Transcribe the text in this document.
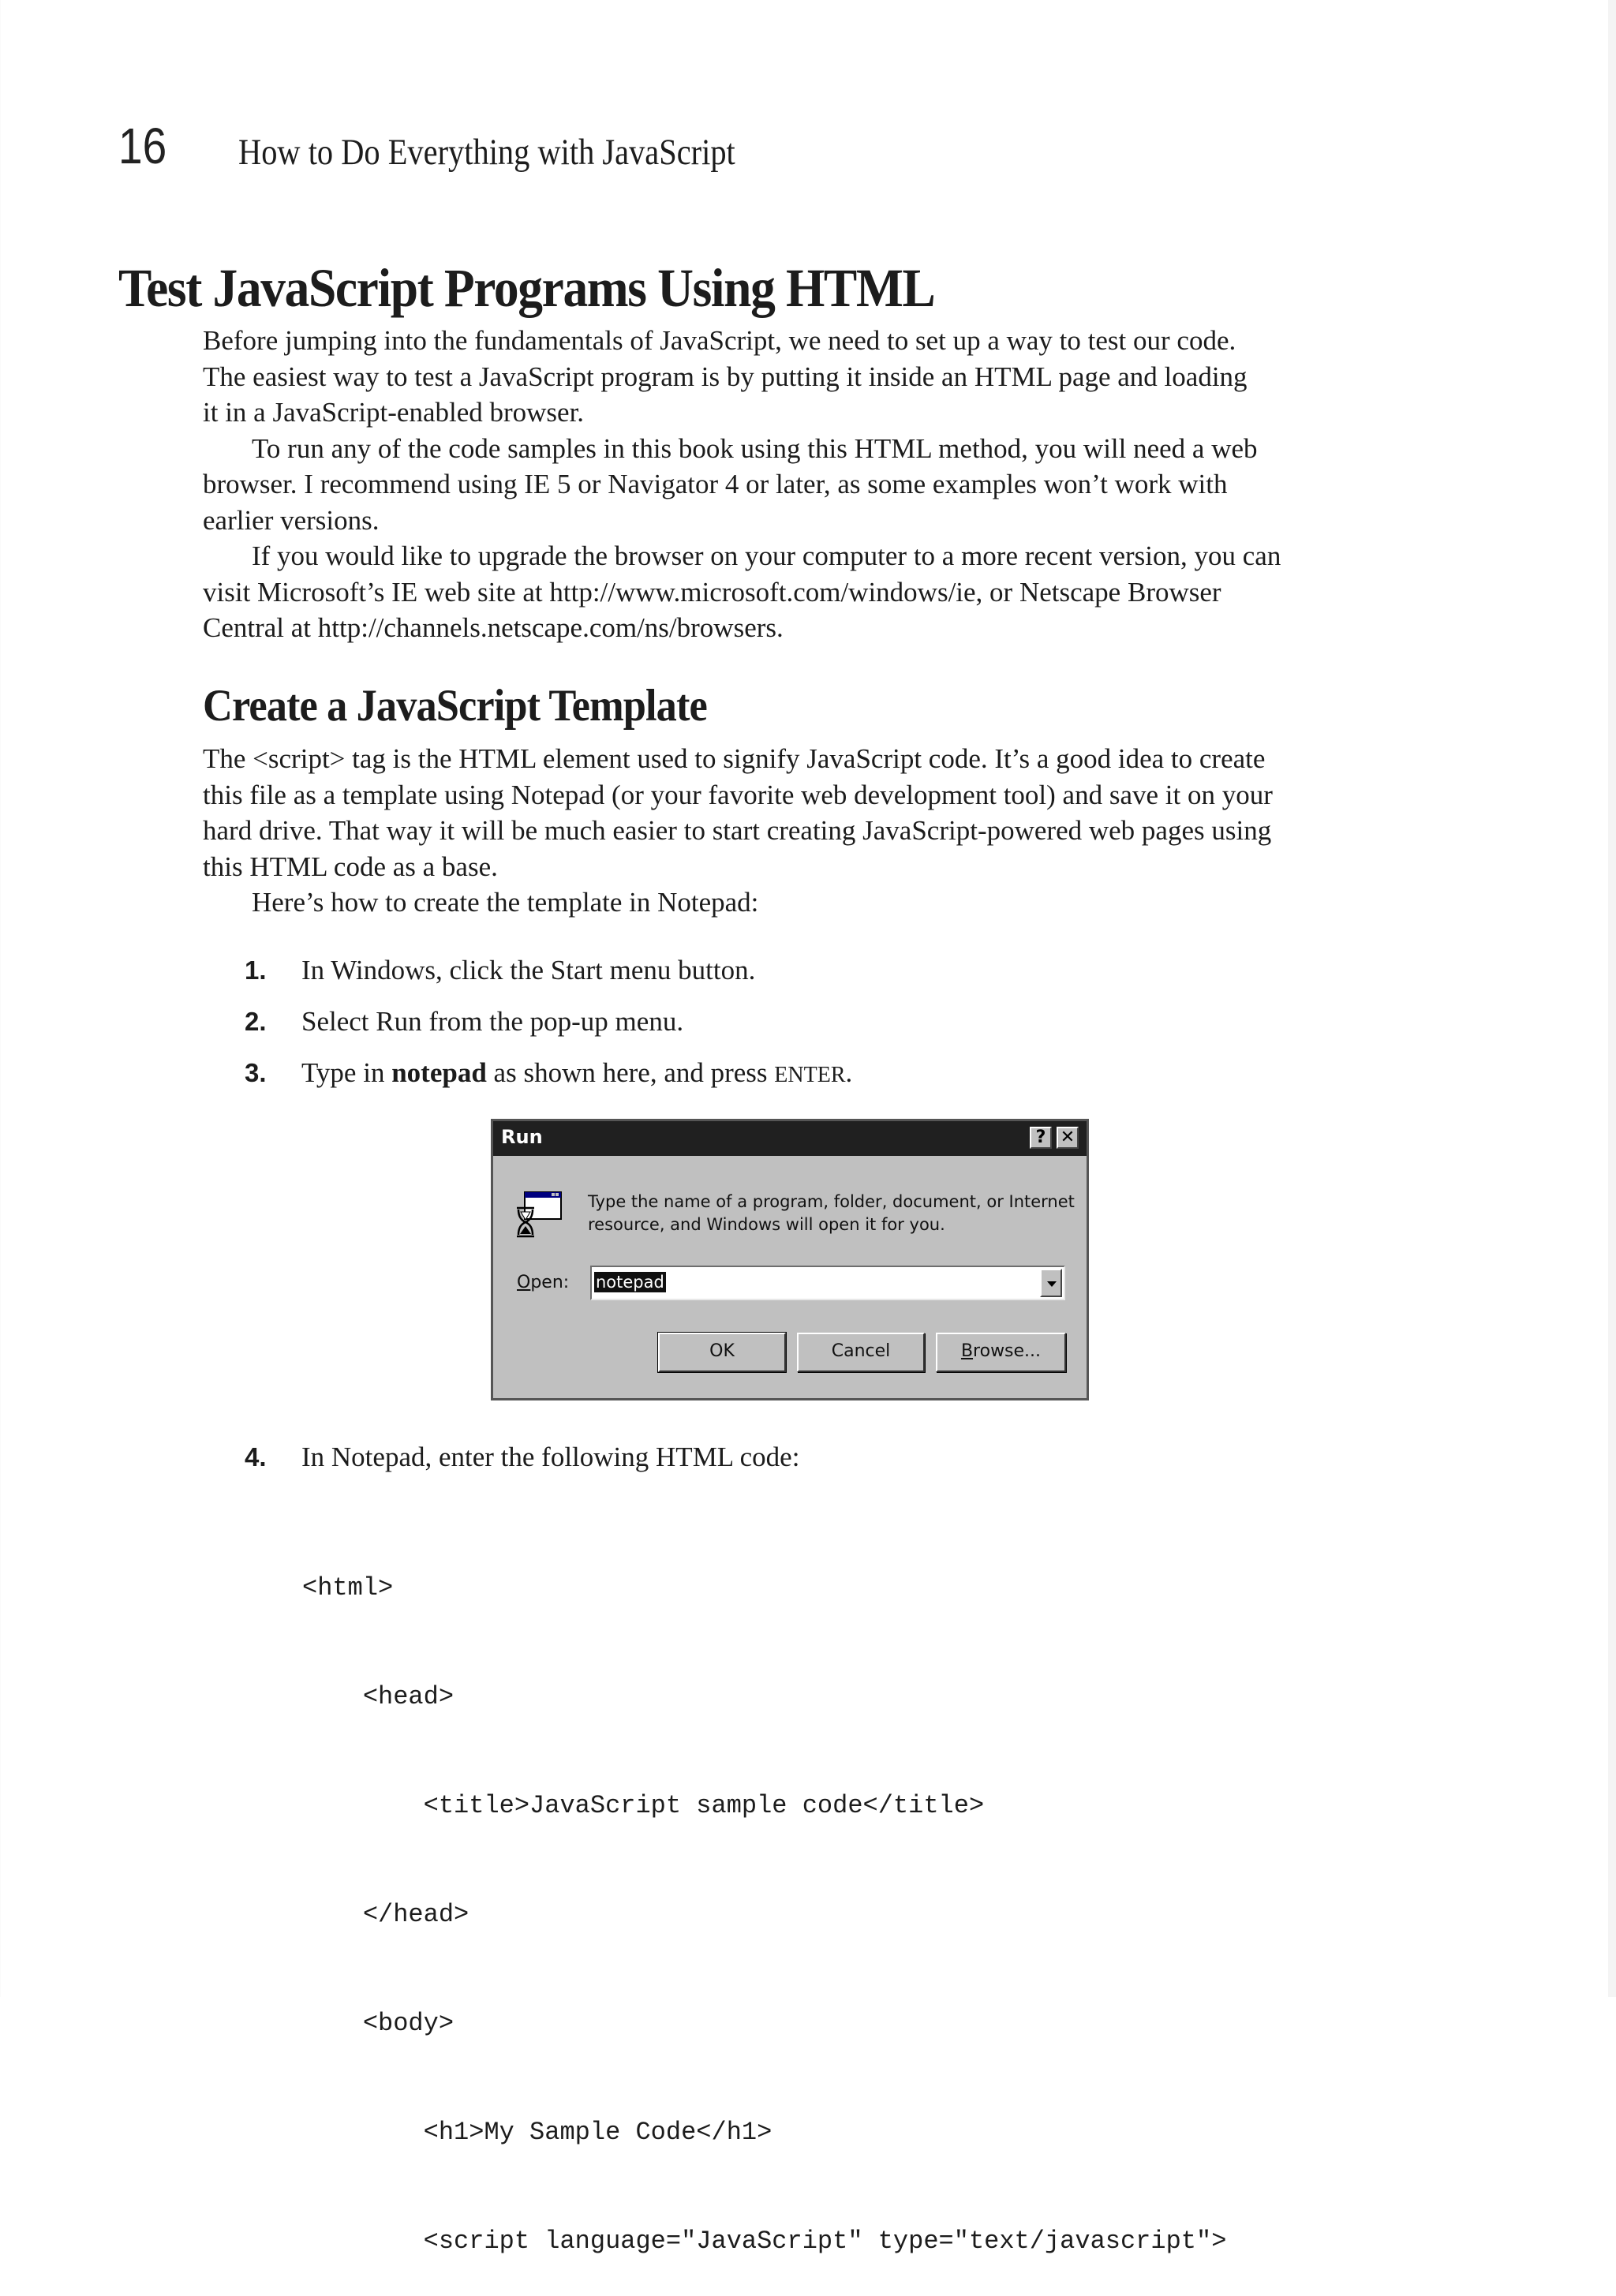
16 How to Do Everything with JavaScript
Test JavaScript Programs Using HTML
Before jumping into the fundamentals of JavaScript, we need to set up a way to test our code.
The easiest way to test a JavaScript program is by putting it inside an HTML page and loading
it in a JavaScript-enabled browser.
To run any of the code samples in this book using this HTML method, you will need a web
browser. I recommend using IE 5 or Navigator 4 or later, as some examples won’t work with
earlier versions.
If you would like to upgrade the browser on your computer to a more recent version, you can
visit Microsoft’s IE web site at http://www.microsoft.com/windows/ie, or Netscape Browser
Central at http://channels.netscape.com/ns/browsers.
Create a JavaScript Template
The <script> tag is the HTML element used to signify JavaScript code. It’s a good idea to create
this file as a template using Notepad (or your favorite web development tool) and save it on your
hard drive. That way it will be much easier to start creating JavaScript-powered web pages using
this HTML code as a base.
Here’s how to create the template in Notepad:
1. In Windows, click the Start menu button.
2. Select Run from the pop-up menu.
3. Type in notepad as shown here, and press ENTER.
Run	? ✕
Type the name of a program, folder, document, or Internet
resource, and Windows will open it for you.
Open: notepad
OK	Cancel	Browse...
4. In Notepad, enter the following HTML code:

<html>

<head>

<title>JavaScript sample code</title>

</head>

<body>

<h1>My Sample Code</h1>

<script language="JavaScript" type="text/javascript">
